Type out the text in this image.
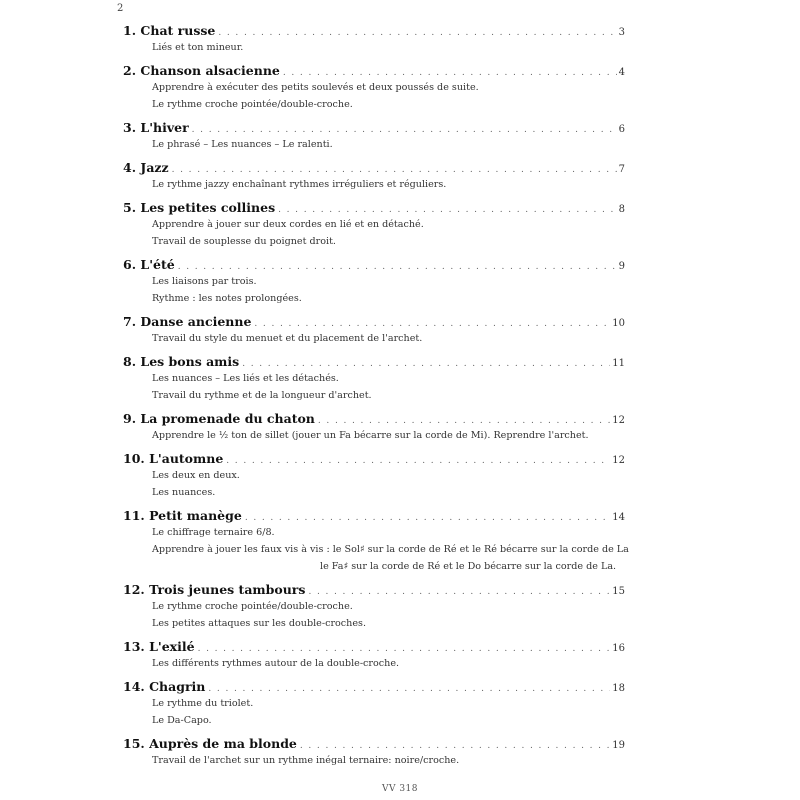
2
1. Chat russe . . .	3

Liés et ton mineur.

2. Chanson alsacienne . . .	4

Apprendre à exécuter des petits soulevés et deux poussés de suite.

Le rythme croche pointée/double-croche.

3. L'hiver . . .	6

Le phrasé – Les nuances – Le ralenti.

4. Jazz . . .	7

Le rythme jazzy enchaînant rythmes irréguliers et réguliers.

5. Les petites collines . . .	8

Apprendre à jouer sur deux cordes en lié et en détaché.

Travail de souplesse du poignet droit.

6. L'été . . .	9

Les liaisons par trois.

Rythme : les notes prolongées.

7. Danse ancienne . . .	10

Travail du style du menuet et du placement de l'archet.

8. Les bons amis . . .	11

Les nuances – Les liés et les détachés.

Travail du rythme et de la longueur d'archet.

9. La promenade du chaton . . .	12

Apprendre le ½ ton de sillet (jouer un Fa bécarre sur la corde de Mi). Reprendre l'archet.

10. L'automne . . .	12

Les deux en deux.

Les nuances.

11. Petit manège . . .	14

Le chiffrage ternaire 6/8.

Apprendre à jouer les faux vis à vis : le Sol♯ sur la corde de Ré et le Ré bécarre sur la corde de La

le Fa♯ sur la corde de Ré et le Do bécarre sur la corde de La.

12. Trois jeunes tambours . . .	15

Le rythme croche pointée/double-croche.

Les petites attaques sur les double-croches.

13. L'exilé . . .	16

Les différents rythmes autour de la double-croche.

14. Chagrin . . .	18

Le rythme du triolet.

Le Da-Capo.

15. Auprès de ma blonde . . .	19

Travail de l'archet sur un rythme inégal ternaire: noire/croche.

VV 318
